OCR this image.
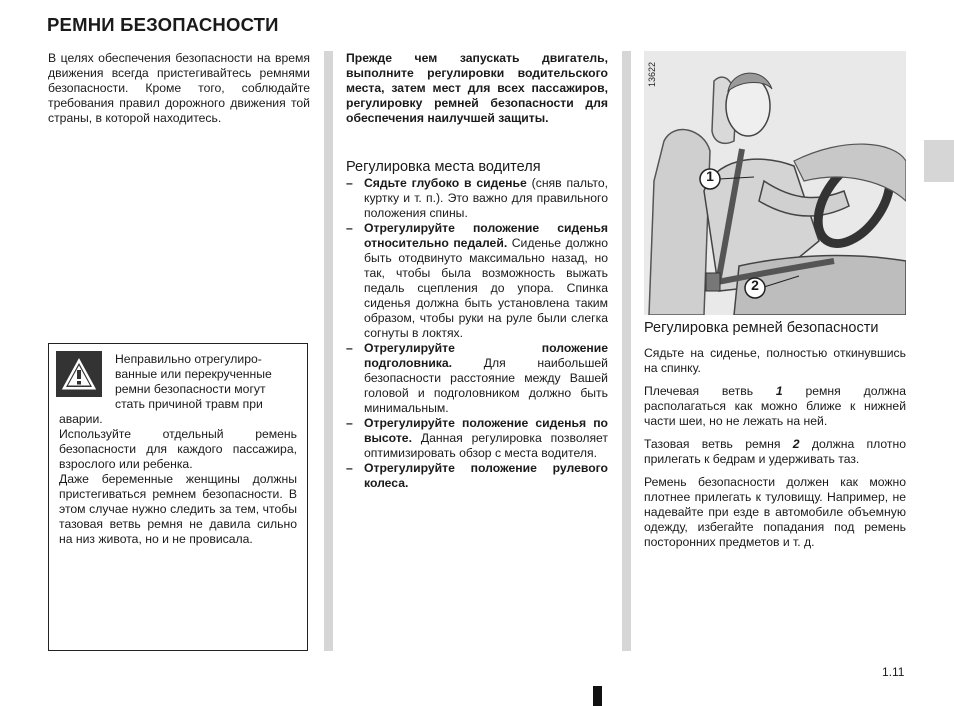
РЕМНИ БЕЗОПАСНОСТИ
В целях обеспечения безопасности на время движения всегда пристегивайтесь ремнями безопасности. Кроме того, соблюдайте требования правил дорожного движения той страны, в которой находитесь.
Неправильно отрегулиро-
ванные или перекрученные
ремни безопасности могут
стать причиной травм при
аварии.
Используйте отдельный ремень безопасности для каждого пассажира, взрослого или ребенка.
Даже беременные женщины должны пристегиваться ремнем безопасности. В этом случае нужно следить за тем, чтобы тазовая ветвь ремня не давила сильно на низ живота, но и не провисала.

Прежде чем запускать двигатель, выполните регулировки водительского места, затем мест для всех пассажиров, регулировку ремней безопасности для обеспечения наилучшей защиты.

Регулировка места водителя
– Сядьте глубоко в сиденье (сняв пальто, куртку и т. п.). Это важно для правильного положения спины.
– Отрегулируйте положение сиденья относительно педалей. Сиденье должно быть отодвинуто максимально назад, но так, чтобы была возможность выжать педаль сцепления до упора. Спинка сиденья должна быть установлена таким образом, чтобы руки на руле были слегка согнуты в локтях.
– Отрегулируйте положение подголовника. Для наибольшей безопасности расстояние между Вашей головой и подголовником должно быть минимальным.
– Отрегулируйте положение сиденья по высоте. Данная регулировка позволяет оптимизировать обзор с места водителя.
– Отрегулируйте положение рулевого колеса.
1
2
13622
Регулировка ремней безопасности

Сядьте на сиденье, полностью откинувшись на спинку.

Плечевая ветвь 1 ремня должна располагаться как можно ближе к нижней части шеи, но не лежать на ней.

Тазовая ветвь ремня 2 должна плотно прилегать к бедрам и удерживать таз.

Ремень безопасности должен как можно плотнее прилегать к туловищу. Например, не надевайте при езде в автомобиле объемную одежду, избегайте попадания под ремень посторонних предметов и т. д.

1.11
